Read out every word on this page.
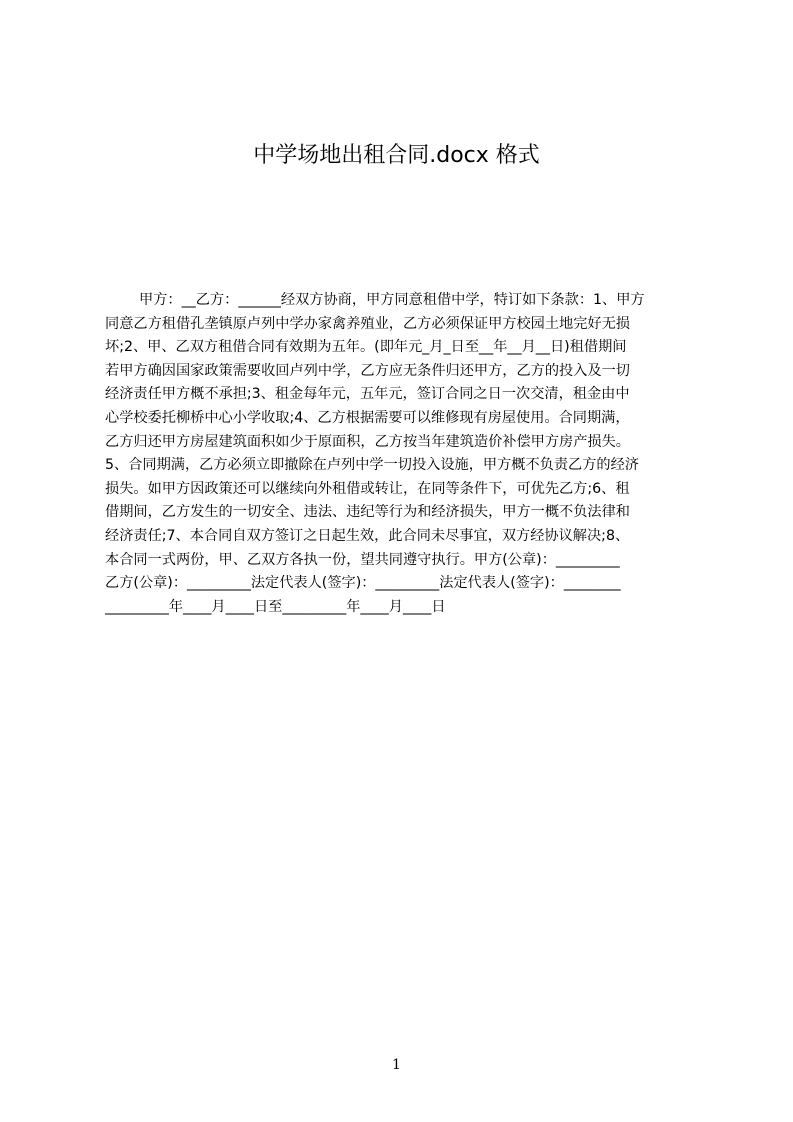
中学场地出租合同.docx 格式
甲方：__乙方：______经双方协商，甲方同意租借中学，特订如下条款：1、甲方
同意乙方租借孔垄镇原卢列中学办家禽养殖业，乙方必须保证甲方校园土地完好无损
坏;2、甲、乙双方租借合同有效期为五年。(即年元_月_日至__年__月__日)租借期间
若甲方确因国家政策需要收回卢列中学，乙方应无条件归还甲方，乙方的投入及一切
经济责任甲方概不承担;3、租金每年元，五年元，签订合同之日一次交清，租金由中
心学校委托柳桥中心小学收取;4、乙方根据需要可以维修现有房屋使用。合同期满，
乙方归还甲方房屋建筑面积如少于原面积，乙方按当年建筑造价补偿甲方房产损失。
5、合同期满，乙方必须立即撤除在卢列中学一切投入设施，甲方概不负责乙方的经济
损失。如甲方因政策还可以继续向外租借或转让，在同等条件下，可优先乙方;6、租
借期间，乙方发生的一切安全、违法、违纪等行为和经济损失，甲方一概不负法律和
经济责任;7、本合同自双方签订之日起生效，此合同未尽事宜，双方经协议解决;8、
本合同一式两份，甲、乙双方各执一份，望共同遵守执行。甲方(公章)：_________
乙方(公章)：_________法定代表人(签字)：_________法定代表人(签字)：________
_________年____月____日至_________年____月____日
1
